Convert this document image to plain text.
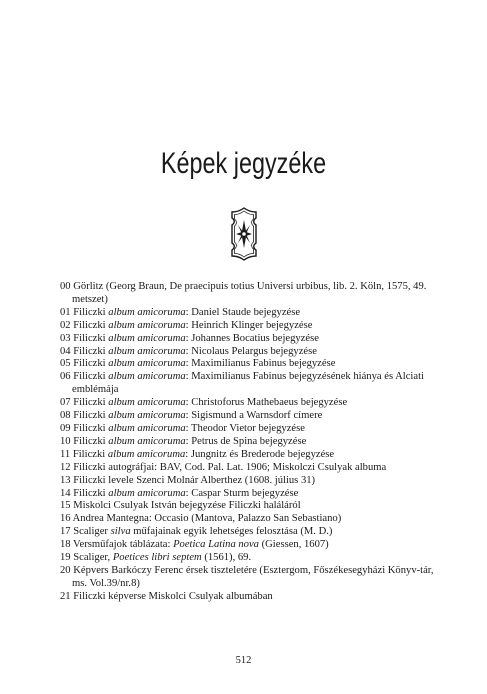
Képek jegyzéke
00 Görlitz (Georg Braun, De praecipuis totius Universi urbibus, lib. 2. Köln, 1575, 49. metszet)
01 Filiczki album amicoruma: Daniel Staude bejegyzése
02 Filiczki album amicoruma: Heinrich Klinger bejegyzése
03 Filiczki album amicoruma: Johannes Bocatius bejegyzése
04 Filiczki album amicoruma: Nicolaus Pelargus bejegyzése
05 Filiczki album amicoruma: Maximilianus Fabinus bejegyzése
06 Filiczki album amicoruma: Maximilianus Fabinus bejegyzésének hiánya és Alciati emblémája
07 Filiczki album amicoruma: Christoforus Mathebaeus bejegyzése
08 Filiczki album amicoruma: Sigismund a Warnsdorf címere
09 Filiczki album amicoruma: Theodor Vietor bejegyzése
10 Filiczki album amicoruma: Petrus de Spina bejegyzése
11 Filiczki album amicoruma: Jungnitz és Brederode bejegyzése
12 Filiczki autográfjai: BAV, Cod. Pal. Lat. 1906; Miskolczi Csulyak albuma
13 Filiczki levele Szenci Molnár Alberthez (1608. július 31)
14 Filiczki album amicoruma: Caspar Sturm bejegyzése
15 Miskolci Csulyak István bejegyzése Filiczki haláláról
16 Andrea Mantegna: Occasio (Mantova, Palazzo San Sebastiano)
17 Scaliger silva műfajainak egyik lehetséges felosztása (M. D.)
18 Versműfajok táblázata: Poetica Latina nova (Giessen, 1607)
19 Scaliger, Poetices libri septem (1561), 69.
20 Képvers Barkóczy Ferenc érsek tiszteletére (Esztergom, Főszékesegyházi Könyv-tár, ms. Vol.39/nr.8)
21 Filiczki képverse Miskolci Csulyak albumában
512
